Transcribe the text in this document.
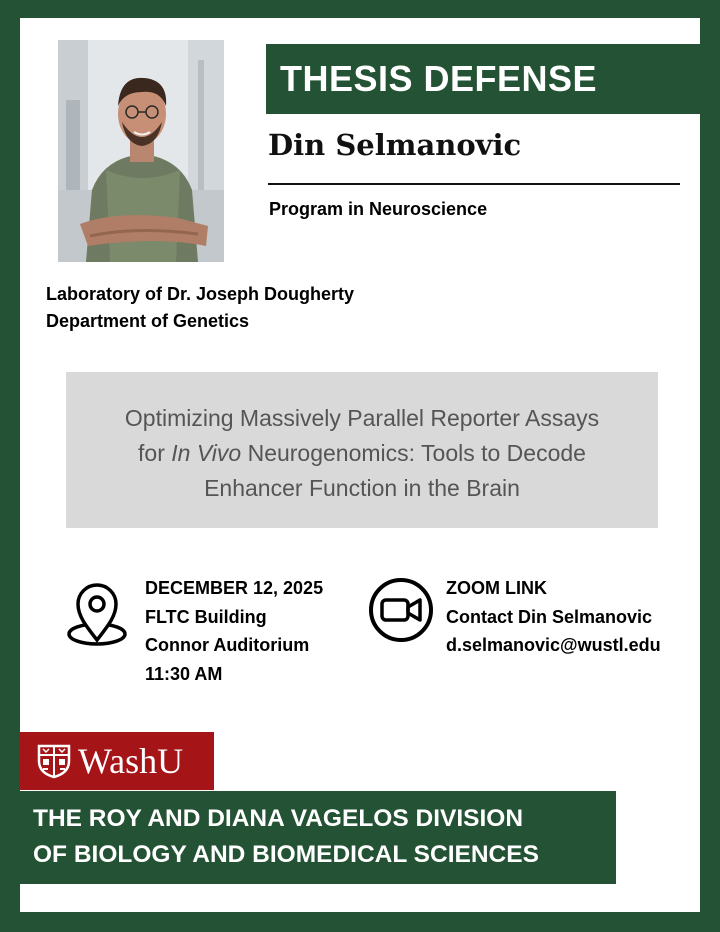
THESIS DEFENSE
Din Selmanovic
Program in Neuroscience
Laboratory of Dr. Joseph Dougherty
Department of Genetics
Optimizing Massively Parallel Reporter Assays
for In Vivo Neurogenomics: Tools to Decode
Enhancer Function in the Brain
DECEMBER 12, 2025
FLTC Building
Connor Auditorium
11:30 AM
ZOOM LINK
Contact Din Selmanovic
d.selmanovic@wustl.edu
WashU
THE ROY AND DIANA VAGELOS DIVISION
OF BIOLOGY AND BIOMEDICAL SCIENCES
